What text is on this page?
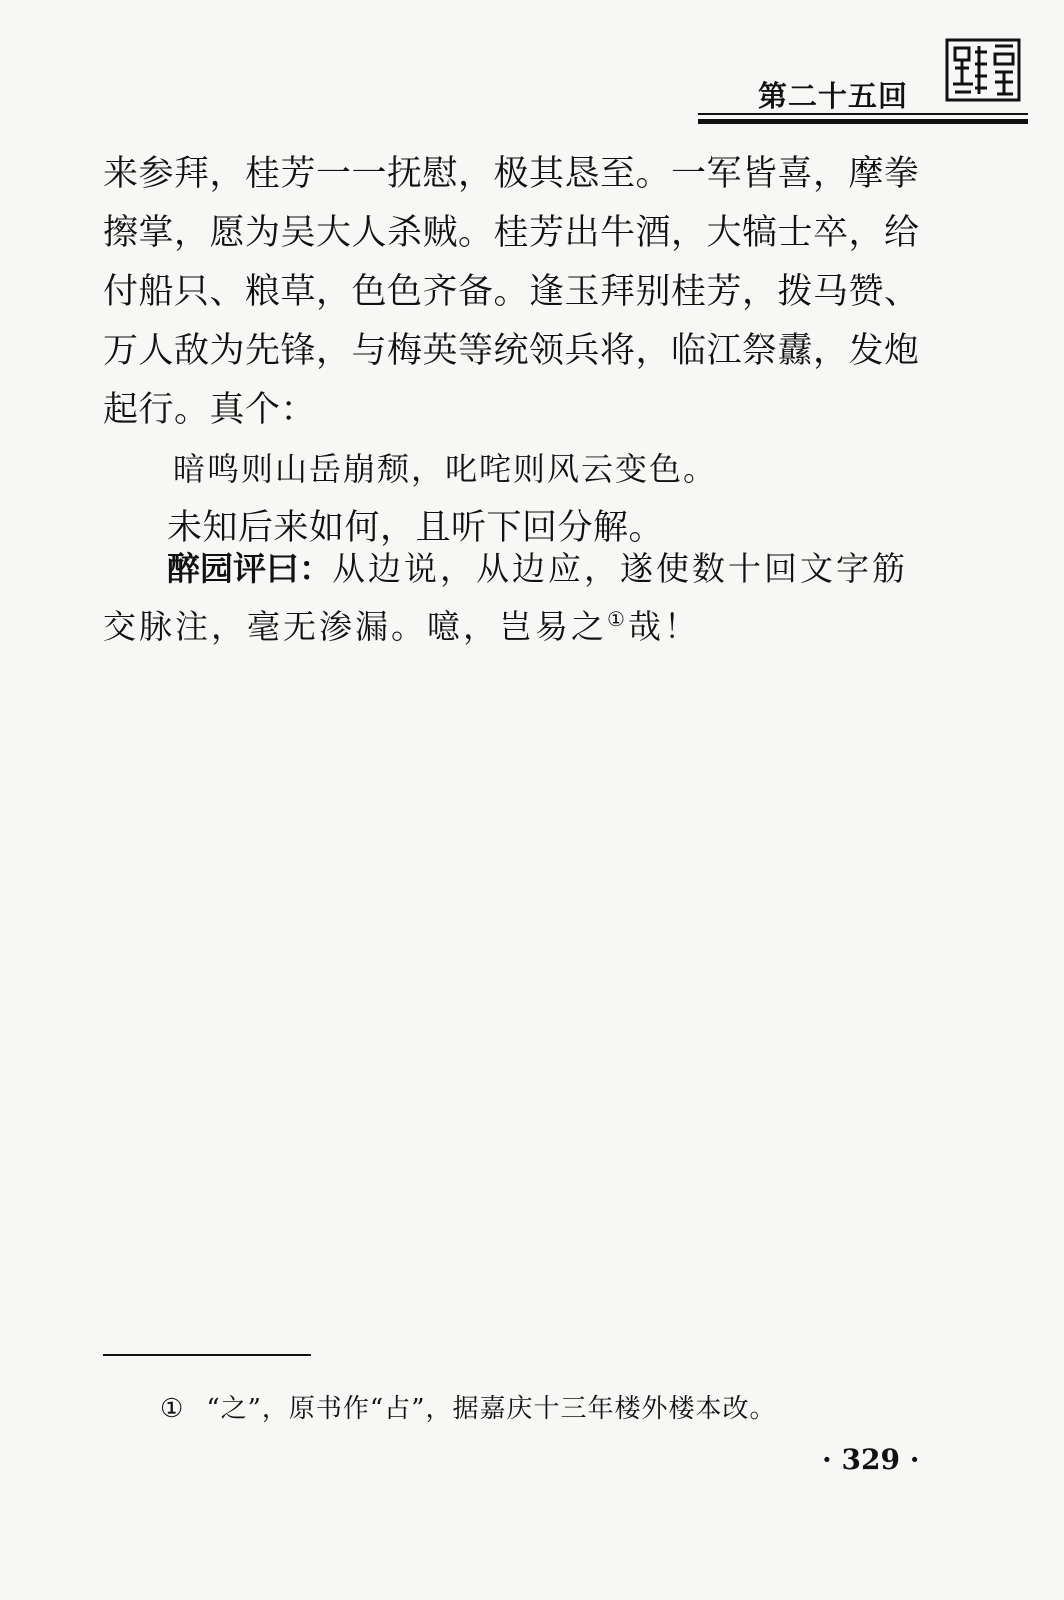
第二十五回

来参拜，桂芳一一抚慰，极其恳至。一军皆喜，摩拳擦掌，愿为吴大人杀贼。桂芳出牛酒，大犒士卒，给付船只、粮草，色色齐备。逢玉拜别桂芳，拨马赞、万人敌为先锋，与梅英等统领兵将，临江祭纛，发炮起行。真个：

暗鸣则山岳崩颓，叱咤则风云变色。

未知后来如何，且听下回分解。

醉园评曰：从边说，从边应，遂使数十回文字筋交脉注，毫无渗漏。噫，岂易之①哉！
① “之”，原书作“占”，据嘉庆十三年楼外楼本改。
· 329 ·
